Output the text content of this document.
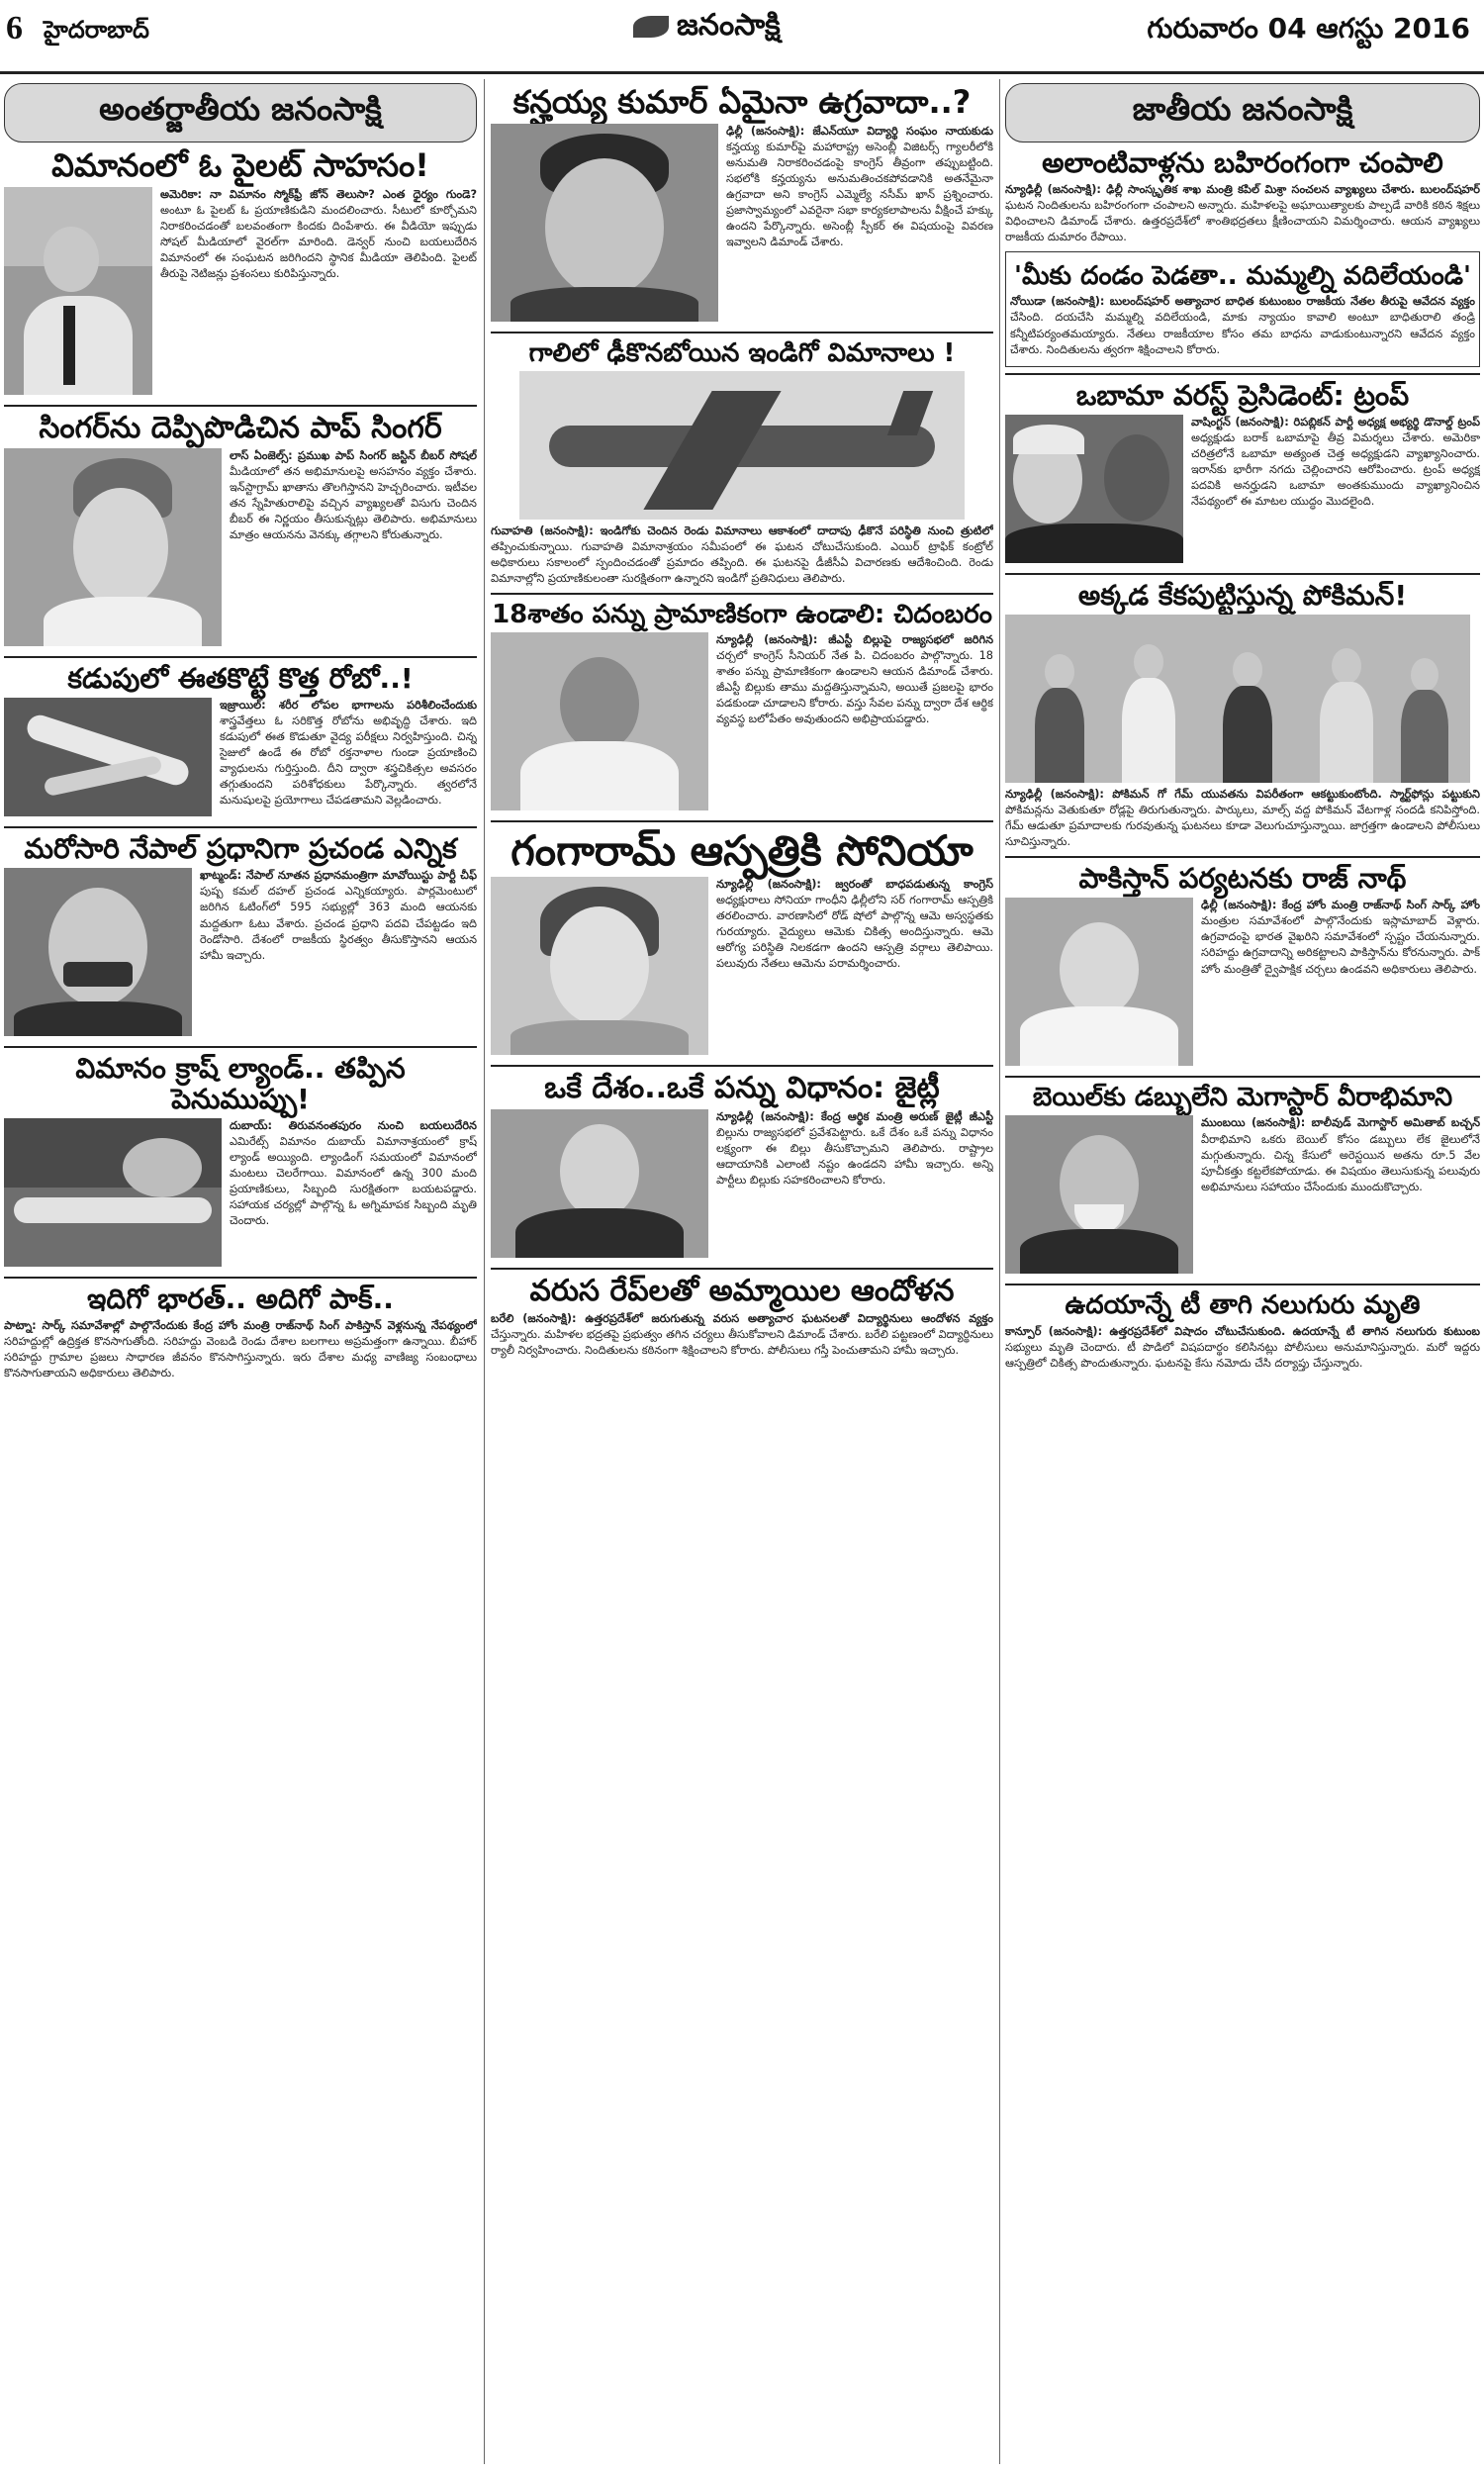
6 హైదరాబాద్	జనంసాక్షి	గురువారం 04 ఆగస్టు 2016
అంతర్జాతీయ జనంసాక్షి
విమానంలో ఓ పైలట్‌ సాహసం!

అమెరికా: నా విమానం స్మోక్‌ఫ్రీ జోన్‌ తెలుసా? ఎంత ధైర్యం గుండె? అంటూ ఓ పైలట్‌ ఓ ప్రయాణికుడిని మందలించారు. సీటులో కూర్చోమని నిరాకరించడంతో బలవంతంగా కిందకు దింపేశారు. ఈ వీడియో ఇప్పుడు సోషల్‌ మీడియాలో వైరల్‌గా మారింది. డెన్వర్‌ నుంచి బయలుదేరిన విమానంలో ఈ సంఘటన జరిగిందని స్థానిక మీడియా తెలిపింది. పైలట్‌ తీరుపై నెటిజన్లు ప్రశంసలు కురిపిస్తున్నారు.

సింగర్‌ను దెప్పిపొడిచిన పాప్‌ సింగర్‌

లాస్‌ ఏంజెల్స్‌: ప్రముఖ పాప్‌ సింగర్‌ జస్టిన్‌ బీబర్‌ సోషల్‌ మీడియాలో తన అభిమానులపై అసహనం వ్యక్తం చేశారు. ఇన్‌స్టాగ్రామ్‌ ఖాతాను తొలగిస్తానని హెచ్చరించారు. ఇటీవల తన స్నేహితురాలిపై వచ్చిన వ్యాఖ్యలతో విసుగు చెందిన బీబర్‌ ఈ నిర్ణయం తీసుకున్నట్లు తెలిపారు. అభిమానులు మాత్రం ఆయనను వెనక్కు తగ్గాలని కోరుతున్నారు.

కడుపులో ఈతకొట్టే కొత్త రోబో..!

ఇజ్రాయిల్‌: శరీర లోపల భాగాలను పరిశీలించేందుకు శాస్త్రవేత్తలు ఓ సరికొత్త రోబోను అభివృద్ధి చేశారు. ఇది కడుపులో ఈత కొడుతూ వైద్య పరీక్షలు నిర్వహిస్తుంది. చిన్న సైజులో ఉండే ఈ రోబో రక్తనాళాల గుండా ప్రయాణించి వ్యాధులను గుర్తిస్తుంది. దీని ద్వారా శస్త్రచికిత్సల అవసరం తగ్గుతుందని పరిశోధకులు పేర్కొన్నారు. త్వరలోనే మనుషులపై ప్రయోగాలు చేపడతామని వెల్లడించారు.

మరోసారి నేపాల్‌ ప్రధానిగా ప్రచండ ఎన్నిక

ఖాట్మండ్‌: నేపాల్‌ నూతన ప్రధానమంత్రిగా మావోయిస్టు పార్టీ చీఫ్‌ పుష్ప కమల్‌ దహల్‌ ప్రచండ ఎన్నికయ్యారు. పార్లమెంటులో జరిగిన ఓటింగ్‌లో 595 సభ్యుల్లో 363 మంది ఆయనకు మద్దతుగా ఓటు వేశారు. ప్రచండ ప్రధాని పదవి చేపట్టడం ఇది రెండోసారి. దేశంలో రాజకీయ స్థిరత్వం తీసుకొస్తానని ఆయన హామీ ఇచ్చారు.

విమానం క్రాష్‌ ల్యాండ్‌.. తప్పిన పెనుముప్పు!

దుబాయ్‌: తిరువనంతపురం నుంచి బయలుదేరిన ఎమిరేట్స్‌ విమానం దుబాయ్‌ విమానాశ్రయంలో క్రాష్‌ ల్యాండ్‌ అయ్యింది. ల్యాండింగ్‌ సమయంలో విమానంలో మంటలు చెలరేగాయి. విమానంలో ఉన్న 300 మంది ప్రయాణికులు, సిబ్బంది సురక్షితంగా బయటపడ్డారు. సహాయక చర్యల్లో పాల్గొన్న ఓ అగ్నిమాపక సిబ్బంది మృతి చెందారు.

ఇదిగో భారత్‌.. అదిగో పాక్‌..

పాట్నా: సార్క్‌ సమావేశాల్లో పాల్గొనేందుకు కేంద్ర హోం మంత్రి రాజ్‌నాథ్‌ సింగ్‌ పాకిస్తాన్‌ వెళ్లనున్న నేపథ్యంలో సరిహద్దుల్లో ఉద్రిక్తత కొనసాగుతోంది. సరిహద్దు వెంబడి రెండు దేశాల బలగాలు అప్రమత్తంగా ఉన్నాయి. బీహార్‌ సరిహద్దు గ్రామాల ప్రజలు సాధారణ జీవనం కొనసాగిస్తున్నారు. ఇరు దేశాల మధ్య వాణిజ్య సంబంధాలు కొనసాగుతాయని అధికారులు తెలిపారు.

కన్హయ్య కుమార్‌ ఏమైనా ఉగ్రవాదా..?

ఢిల్లీ (జనంసాక్షి): జేఎన్‌యూ విద్యార్థి సంఘం నాయకుడు కన్హయ్య కుమార్‌పై మహారాష్ట్ర అసెంబ్లీ విజిటర్స్‌ గ్యాలరీలోకి అనుమతి నిరాకరించడంపై కాంగ్రెస్‌ తీవ్రంగా తప్పుబట్టింది. సభలోకి కన్హయ్యను అనుమతించకపోవడానికి అతనేమైనా ఉగ్రవాదా అని కాంగ్రెస్‌ ఎమ్మెల్యే నసీమ్‌ ఖాన్‌ ప్రశ్నించారు. ప్రజాస్వామ్యంలో ఎవరైనా సభా కార్యకలాపాలను వీక్షించే హక్కు ఉందని పేర్కొన్నారు. అసెంబ్లీ స్పీకర్‌ ఈ విషయంపై వివరణ ఇవ్వాలని డిమాండ్‌ చేశారు.

గాలిలో ఢీకొనబోయిన ఇండిగో విమానాలు !

గువాహతి (జనంసాక్షి): ఇండిగోకు చెందిన రెండు విమానాలు ఆకాశంలో దాదాపు ఢీకొనే పరిస్థితి నుంచి త్రుటిలో తప్పించుకున్నాయి. గువాహతి విమానాశ్రయం సమీపంలో ఈ ఘటన చోటుచేసుకుంది. ఎయిర్‌ ట్రాఫిక్‌ కంట్రోల్‌ అధికారులు సకాలంలో స్పందించడంతో ప్రమాదం తప్పింది. ఈ ఘటనపై డీజీసీఏ విచారణకు ఆదేశించింది. రెండు విమానాల్లోని ప్రయాణికులంతా సురక్షితంగా ఉన్నారని ఇండిగో ప్రతినిధులు తెలిపారు.

18శాతం పన్ను ప్రామాణికంగా ఉండాలి: చిదంబరం

న్యూఢిల్లీ (జనంసాక్షి): జీఎస్టీ బిల్లుపై రాజ్యసభలో జరిగిన చర్చలో కాంగ్రెస్‌ సీనియర్‌ నేత పి. చిదంబరం పాల్గొన్నారు. 18 శాతం పన్ను ప్రామాణికంగా ఉండాలని ఆయన డిమాండ్‌ చేశారు. జీఎస్టీ బిల్లుకు తాము మద్దతిస్తున్నామని, అయితే ప్రజలపై భారం పడకుండా చూడాలని కోరారు. వస్తు సేవల పన్ను ద్వారా దేశ ఆర్థిక వ్యవస్థ బలోపేతం అవుతుందని అభిప్రాయపడ్డారు.

గంగారామ్‌ ఆస్పత్రికి సోనియా

న్యూఢిల్లీ (జనంసాక్షి): జ్వరంతో బాధపడుతున్న కాంగ్రెస్‌ అధ్యక్షురాలు సోనియా గాంధీని ఢిల్లీలోని సర్‌ గంగారామ్‌ ఆస్పత్రికి తరలించారు. వారణాసిలో రోడ్‌ షోలో పాల్గొన్న ఆమె అస్వస్థతకు గురయ్యారు. వైద్యులు ఆమెకు చికిత్స అందిస్తున్నారు. ఆమె ఆరోగ్య పరిస్థితి నిలకడగా ఉందని ఆస్పత్రి వర్గాలు తెలిపాయి. పలువురు నేతలు ఆమెను పరామర్శించారు.

ఒకే దేశం..ఒకే పన్ను విధానం: జైట్లీ

న్యూఢిల్లీ (జనంసాక్షి): కేంద్ర ఆర్థిక మంత్రి అరుణ్‌ జైట్లీ జీఎస్టీ బిల్లును రాజ్యసభలో ప్రవేశపెట్టారు. ఒకే దేశం ఒకే పన్ను విధానం లక్ష్యంగా ఈ బిల్లు తీసుకొచ్చామని తెలిపారు. రాష్ట్రాల ఆదాయానికి ఎలాంటి నష్టం ఉండదని హామీ ఇచ్చారు. అన్ని పార్టీలు బిల్లుకు సహకరించాలని కోరారు.

వరుస రేప్‌లతో అమ్మాయిల ఆందోళన

బరేలి (జనంసాక్షి): ఉత్తరప్రదేశ్‌లో జరుగుతున్న వరుస అత్యాచార ఘటనలతో విద్యార్థినులు ఆందోళన వ్యక్తం చేస్తున్నారు. మహిళల భద్రతపై ప్రభుత్వం తగిన చర్యలు తీసుకోవాలని డిమాండ్‌ చేశారు. బరేలి పట్టణంలో విద్యార్థినులు ర్యాలీ నిర్వహించారు. నిందితులను కఠినంగా శిక్షించాలని కోరారు. పోలీసులు గస్తీ పెంచుతామని హామీ ఇచ్చారు.

జాతీయ జనంసాక్షి
అలాంటివాళ్లను బహిరంగంగా చంపాలి

న్యూఢిల్లీ (జనంసాక్షి): ఢిల్లీ సాంస్కృతిక శాఖ మంత్రి కపిల్‌ మిశ్రా సంచలన వ్యాఖ్యలు చేశారు. బులంద్‌షహర్‌ ఘటన నిందితులను బహిరంగంగా చంపాలని అన్నారు. మహిళలపై అఘాయిత్యాలకు పాల్పడే వారికి కఠిన శిక్షలు విధించాలని డిమాండ్‌ చేశారు. ఉత్తరప్రదేశ్‌లో శాంతిభద్రతలు క్షీణించాయని విమర్శించారు. ఆయన వ్యాఖ్యలు రాజకీయ దుమారం రేపాయి.

'మీకు దండం పెడతా.. మమ్మల్ని వదిలేయండి'

నోయిడా (జనంసాక్షి): బులంద్‌షహర్‌ అత్యాచార బాధిత కుటుంబం రాజకీయ నేతల తీరుపై ఆవేదన వ్యక్తం చేసింది. దయచేసి మమ్మల్ని వదిలేయండి, మాకు న్యాయం కావాలి అంటూ బాధితురాలి తండ్రి కన్నీటిపర్యంతమయ్యారు. నేతలు రాజకీయాల కోసం తమ బాధను వాడుకుంటున్నారని ఆవేదన వ్యక్తం చేశారు. నిందితులను త్వరగా శిక్షించాలని కోరారు.

ఒబామా వరస్ట్‌ ప్రెసిడెంట్‌: ట్రంప్‌

వాషింగ్టన్‌ (జనంసాక్షి): రిపబ్లికన్‌ పార్టీ అధ్యక్ష అభ్యర్థి డొనాల్డ్‌ ట్రంప్‌ అధ్యక్షుడు బరాక్‌ ఒబామాపై తీవ్ర విమర్శలు చేశారు. అమెరికా చరిత్రలోనే ఒబామా అత్యంత చెత్త అధ్యక్షుడని వ్యాఖ్యానించారు. ఇరాన్‌కు భారీగా నగదు చెల్లించారని ఆరోపించారు. ట్రంప్‌ అధ్యక్ష పదవికి అనర్హుడని ఒబామా అంతకుముందు వ్యాఖ్యానించిన నేపథ్యంలో ఈ మాటల యుద్ధం మొదలైంది.

అక్కడ కేకపుట్టిస్తున్న పోకిమన్‌!

న్యూఢిల్లీ (జనంసాక్షి): పోకిమన్‌ గో గేమ్‌ యువతను విపరీతంగా ఆకట్టుకుంటోంది. స్మార్ట్‌ఫోన్లు పట్టుకుని పోకిమన్లను వెతుకుతూ రోడ్లపై తిరుగుతున్నారు. పార్కులు, మాల్స్‌ వద్ద పోకిమన్‌ వేటగాళ్ల సందడి కనిపిస్తోంది. గేమ్‌ ఆడుతూ ప్రమాదాలకు గురవుతున్న ఘటనలు కూడా వెలుగుచూస్తున్నాయి. జాగ్రత్తగా ఉండాలని పోలీసులు సూచిస్తున్నారు.

పాకిస్తాన్‌ పర్యటనకు రాజ్‌ నాథ్‌

ఢిల్లీ (జనంసాక్షి): కేంద్ర హోం మంత్రి రాజ్‌నాథ్‌ సింగ్‌ సార్క్‌ హోం మంత్రుల సమావేశంలో పాల్గొనేందుకు ఇస్లామాబాద్‌ వెళ్లారు. ఉగ్రవాదంపై భారత వైఖరిని సమావేశంలో స్పష్టం చేయనున్నారు. సరిహద్దు ఉగ్రవాదాన్ని అరికట్టాలని పాకిస్తాన్‌ను కోరనున్నారు. పాక్‌ హోం మంత్రితో ద్వైపాక్షిక చర్చలు ఉండవని అధికారులు తెలిపారు.

బెయిల్‌కు డబ్బులేని మెగాస్టార్‌ వీరాభిమాని

ముంబయి (జనంసాక్షి): బాలీవుడ్‌ మెగాస్టార్‌ అమితాబ్‌ బచ్చన్‌ వీరాభిమాని ఒకరు బెయిల్‌ కోసం డబ్బులు లేక జైలులోనే మగ్గుతున్నారు. చిన్న కేసులో అరెస్టయిన అతను రూ.5 వేల పూచీకత్తు కట్టలేకపోయాడు. ఈ విషయం తెలుసుకున్న పలువురు అభిమానులు సహాయం చేసేందుకు ముందుకొచ్చారు.

ఉదయాన్నే టీ తాగి నలుగురు మృతి

కాన్పూర్‌ (జనంసాక్షి): ఉత్తరప్రదేశ్‌లో విషాదం చోటుచేసుకుంది. ఉదయాన్నే టీ తాగిన నలుగురు కుటుంబ సభ్యులు మృతి చెందారు. టీ పొడిలో విషపదార్థం కలిసినట్లు పోలీసులు అనుమానిస్తున్నారు. మరో ఇద్దరు ఆస్పత్రిలో చికిత్స పొందుతున్నారు. ఘటనపై కేసు నమోదు చేసి దర్యాప్తు చేస్తున్నారు.
